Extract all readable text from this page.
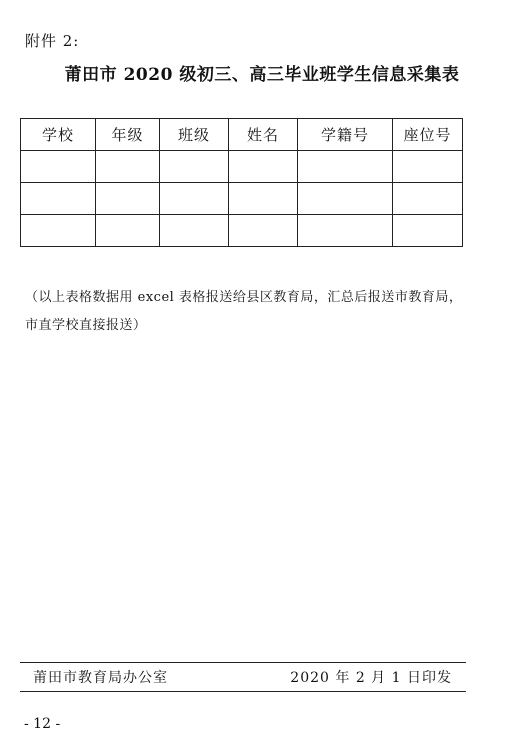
附件 2:
莆田市 2020 级初三、高三毕业班学生信息采集表
学校	年级	班级	姓名	学籍号	座位号

（以上表格数据用 excel 表格报送给县区教育局，汇总后报送市教育局，
市直学校直接报送）
莆田市教育局办公室	2020 年 2 月 1 日印发
- 12 -
